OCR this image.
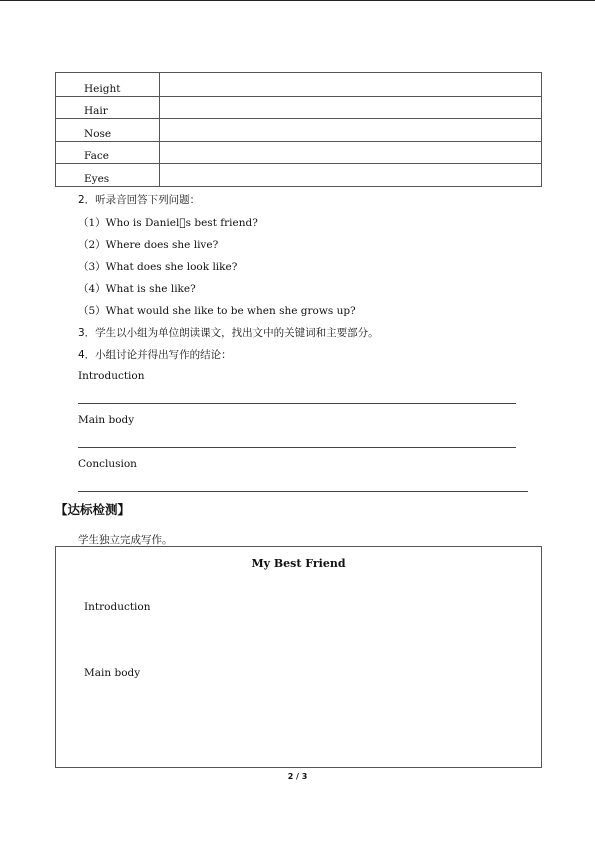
Height
Hair
Nose
Face
Eyes
2．听录音回答下列问题：
（1）Who is Daniel s best friend?
（2）Where does she live?
（3）What does she look like?
（4）What is she like?
（5）What would she like to be when she grows up?
3．学生以小组为单位朗读课文，找出文中的关键词和主要部分。
4．小组讨论并得出写作的结论：
Introduction
Main body
Conclusion
【达标检测】
学生独立完成写作。
My Best Friend
Introduction
Main body
2 / 3
